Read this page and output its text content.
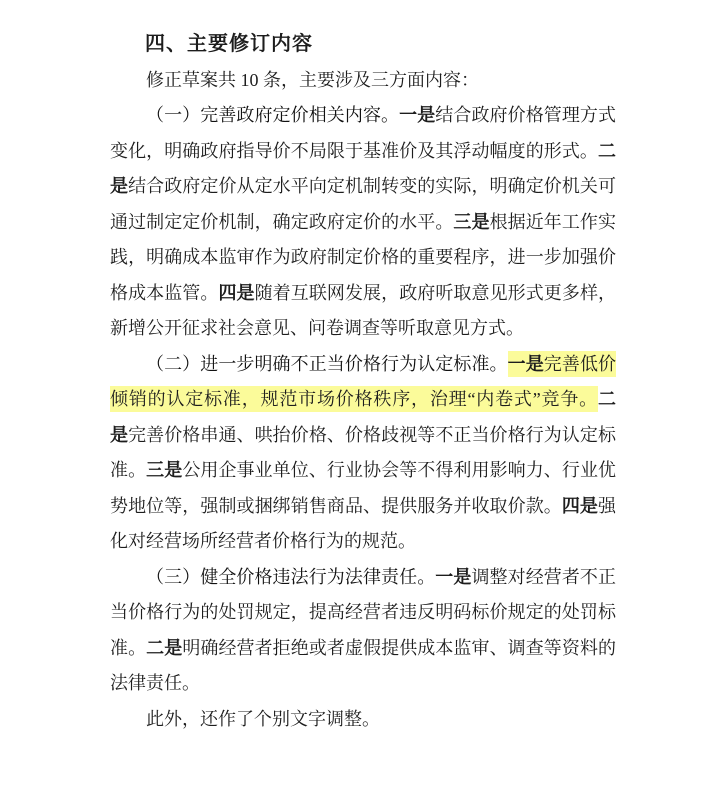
四、主要修订内容
修正草案共 10 条，主要涉及三方面内容：
（一）完善政府定价相关内容。一是结合政府价格管理方式
变化，明确政府指导价不局限于基准价及其浮动幅度的形式。二
是结合政府定价从定水平向定机制转变的实际，明确定价机关可
通过制定定价机制，确定政府定价的水平。三是根据近年工作实
践，明确成本监审作为政府制定价格的重要程序，进一步加强价
格成本监管。四是随着互联网发展，政府听取意见形式更多样，
新增公开征求社会意见、问卷调查等听取意见方式。
（二）进一步明确不正当价格行为认定标准。一是完善低价
倾销的认定标准，规范市场价格秩序，治理“内卷式”竞争。二
是完善价格串通、哄抬价格、价格歧视等不正当价格行为认定标
准。三是公用企事业单位、行业协会等不得利用影响力、行业优
势地位等，强制或捆绑销售商品、提供服务并收取价款。四是强
化对经营场所经营者价格行为的规范。
（三）健全价格违法行为法律责任。一是调整对经营者不正
当价格行为的处罚规定，提高经营者违反明码标价规定的处罚标
准。二是明确经营者拒绝或者虚假提供成本监审、调查等资料的
法律责任。
此外，还作了个别文字调整。
